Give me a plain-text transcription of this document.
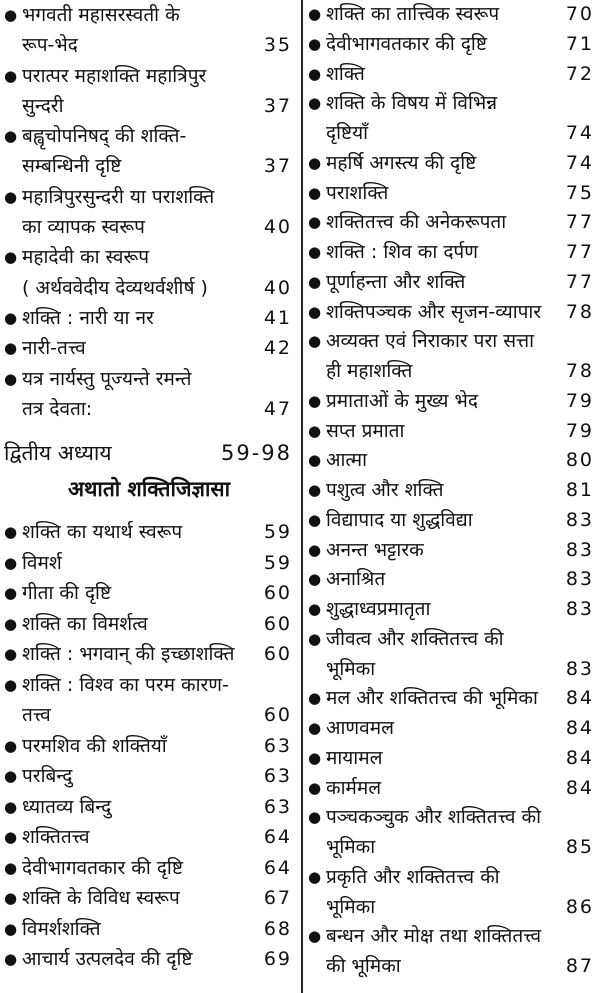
● भगवती महासरस्वती के
रूप-भेद	35
● परात्पर महाशक्ति महात्रिपुर
सुन्दरी	37
● बह्वृचोपनिषद् की शक्ति-
सम्बन्धिनी दृष्टि	37
● महात्रिपुरसुन्दरी या पराशक्ति
का व्यापक स्वरूप	40
● महादेवी का स्वरूप
( अर्थववेदीय देव्यथर्वशीर्ष )	40
● शक्ति : नारी या नर	41
● नारी-तत्त्व	42
● यत्र नार्यस्तु पूज्यन्ते रमन्ते
तत्र देवता:	47
द्वितीय अध्याय	59-98
अथातो शक्तिजिज्ञासा
● शक्ति का यथार्थ स्वरूप	59
● विमर्श	59
● गीता की दृष्टि	60
● शक्ति का विमर्शत्व	60
● शक्ति : भगवान् की इच्छाशक्ति 60
● शक्ति : विश्व का परम कारण-
तत्त्व	60
● परमशिव की शक्तियाँ	63
● परबिन्दु	63
● ध्यातव्य बिन्दु	63
● शक्तितत्त्व	64
● देवीभागवतकार की दृष्टि	64
● शक्ति के विविध स्वरूप	67
● विमर्शशक्ति	68
● आचार्य उत्पलदेव की दृष्टि	69
● शक्ति का तात्त्विक स्वरूप	70
● देवीभागवतकार की दृष्टि	71
● शक्ति	72
● शक्ति के विषय में विभिन्न
दृष्टियाँ	74
● महर्षि अगस्त्य की दृष्टि	74
● पराशक्ति	75
● शक्तितत्त्व की अनेकरूपता	77
● शक्ति : शिव का दर्पण	77
● पूर्णाहन्ता और शक्ति	77
● शक्तिपञ्चक और सृजन-व्यापार 78
● अव्यक्त एवं निराकार परा सत्ता
ही महाशक्ति	78
● प्रमाताओं के मुख्य भेद	79
● सप्त प्रमाता	79
● आत्मा	80
● पशुत्व और शक्ति	81
● विद्यापाद या शुद्धविद्या	83
● अनन्त भट्टारक	83
● अनाश्रित	83
● शुद्धाध्वप्रमातृता	83
● जीवत्व और शक्तितत्त्व की
भूमिका	83
● मल और शक्तितत्त्व की भूमिका 84
● आणवमल	84
● मायामल	84
● कार्ममल	84
● पञ्चकञ्चुक और शक्तितत्त्व की
भूमिका	85
● प्रकृति और शक्तितत्त्व की
भूमिका	86
● बन्धन और मोक्ष तथा शक्तितत्त्व
की भूमिका	87
